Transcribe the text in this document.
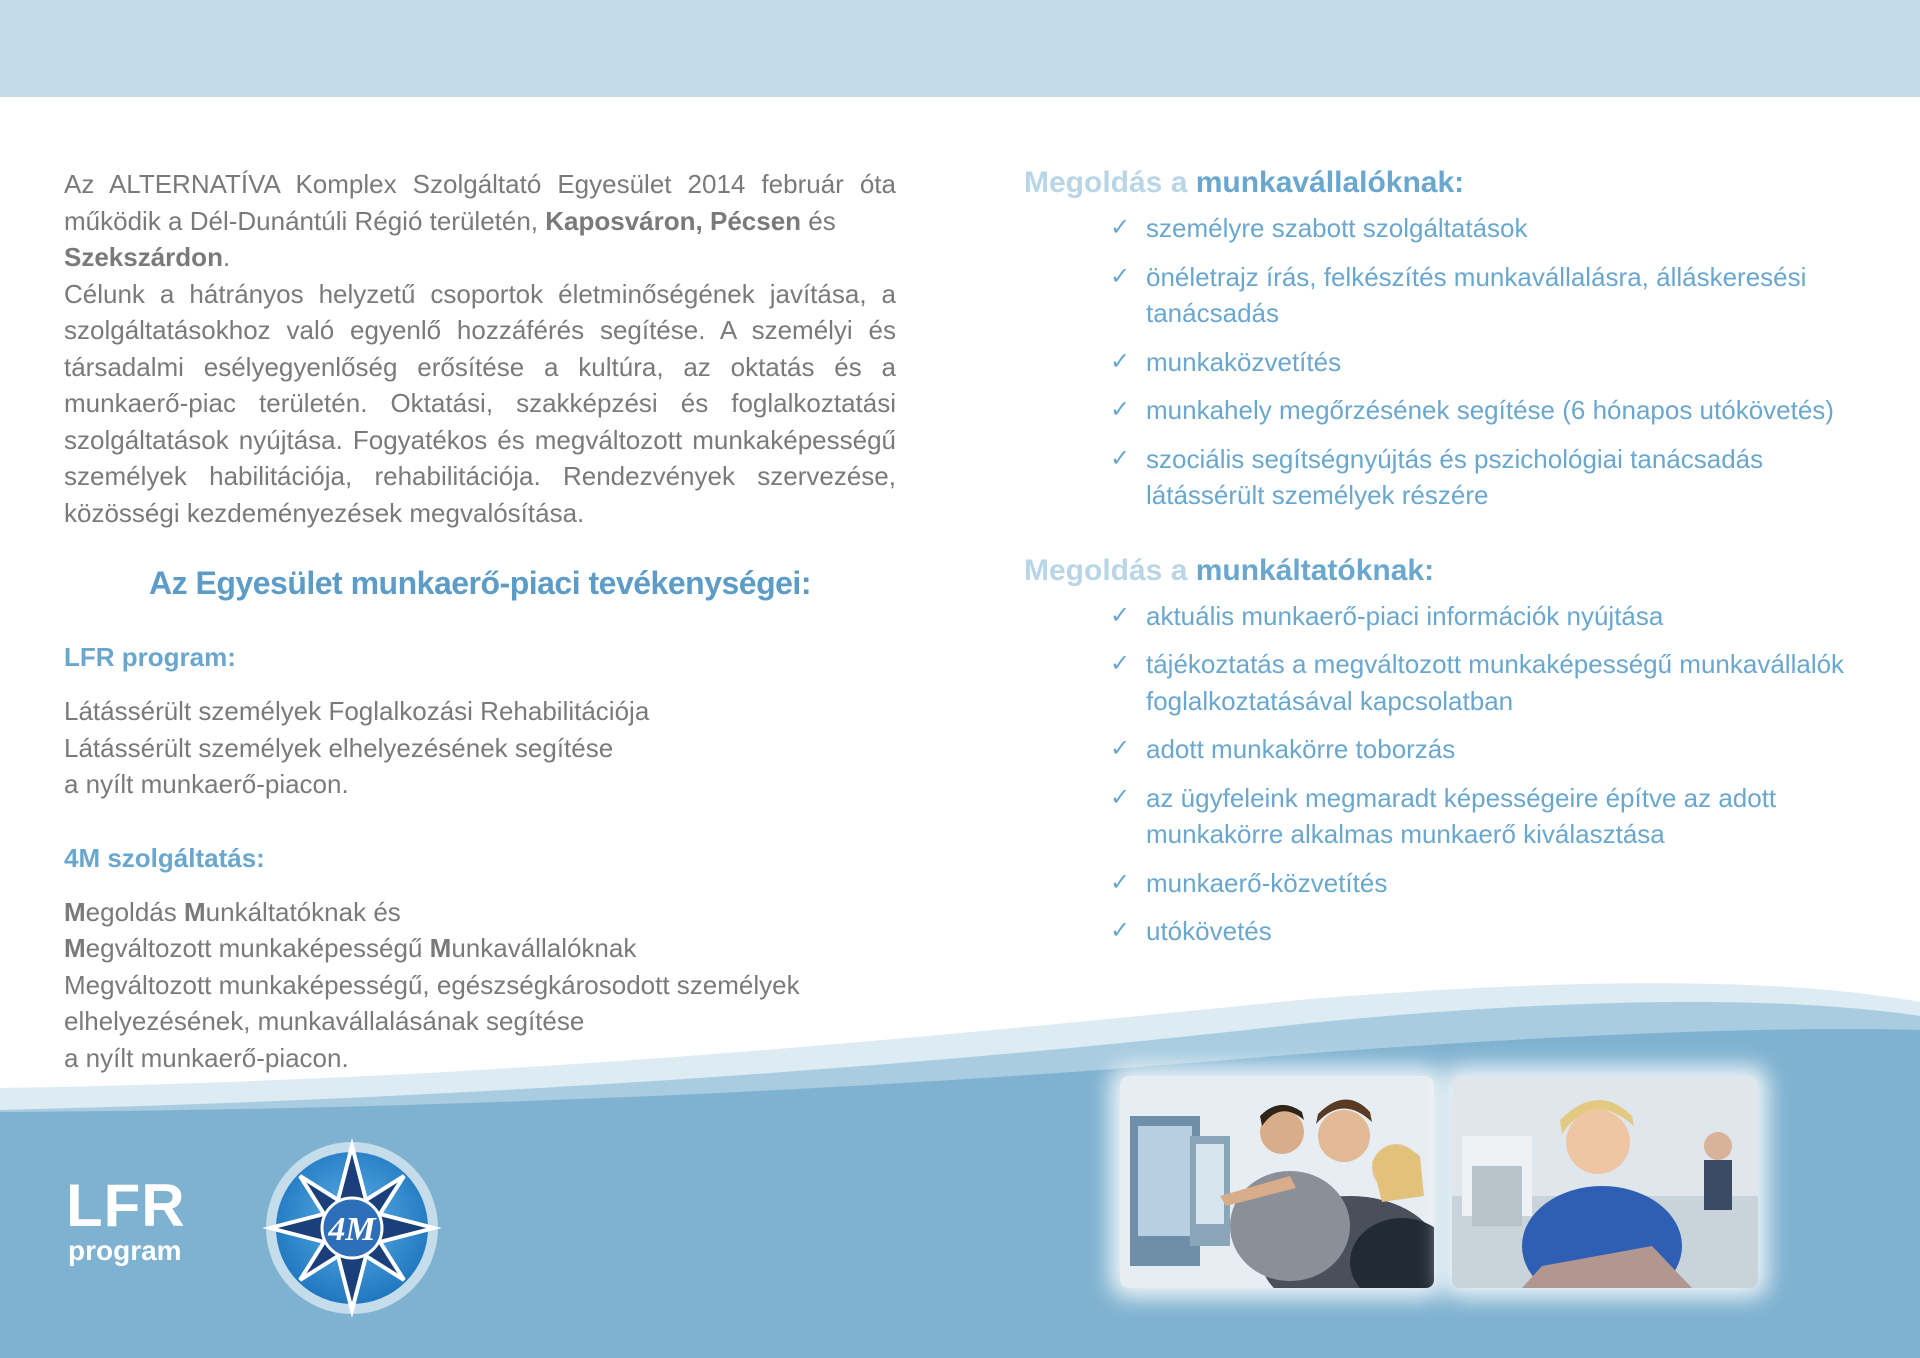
Az ALTERNATÍVA Komplex Szolgáltató Egyesület 2014 február óta működik a Dél-Dunántúli Régió területén, Kaposváron, Pécsen és
Szekszárdon.
Célunk a hátrányos helyzetű csoportok életminőségének javítása, a szolgáltatásokhoz való egyenlő hozzáférés segítése. A személyi és társadalmi esélyegyenlőség erősítése a kultúra, az oktatás és a munkaerő-piac területén. Oktatási, szakképzési és foglalkoztatási szolgáltatások nyújtása. Fogyatékos és megváltozott munkaképességű személyek habilitációja, rehabilitációja. Rendezvények szervezése, közösségi kezdeményezések megvalósítása.

Az Egyesület munkaerő-piaci tevékenységei:
LFR program:
Látássérült személyek Foglalkozási Rehabilitációja
Látássérült személyek elhelyezésének segítése
a nyílt munkaerő-piacon.
4M szolgáltatás:
Megoldás Munkáltatóknak és
Megváltozott munkaképességű Munkavállalóknak
Megváltozott munkaképességű, egészségkárosodott személyek
elhelyezésének, munkavállalásának segítése
a nyílt munkaerő-piacon.
Megoldás a munkavállalóknak:
✓ személyre szabott szolgáltatások
✓ önéletrajz írás, felkészítés munkavállalásra, álláskeresési tanácsadás
✓ munkaközvetítés
✓ munkahely megőrzésének segítése (6 hónapos utókövetés)
✓ szociális segítségnyújtás és pszichológiai tanácsadás látássérült személyek részére
Megoldás a munkáltatóknak:
✓ aktuális munkaerő-piaci információk nyújtása
✓ tájékoztatás a megváltozott munkaképességű munkavállalók foglalkoztatásával kapcsolatban
✓ adott munkakörre toborzás
✓ az ügyfeleink megmaradt képességeire építve az adott munkakörre alkalmas munkaerő kiválasztása
✓ munkaerő-közvetítés
✓ utókövetés
LFR
program
4M
